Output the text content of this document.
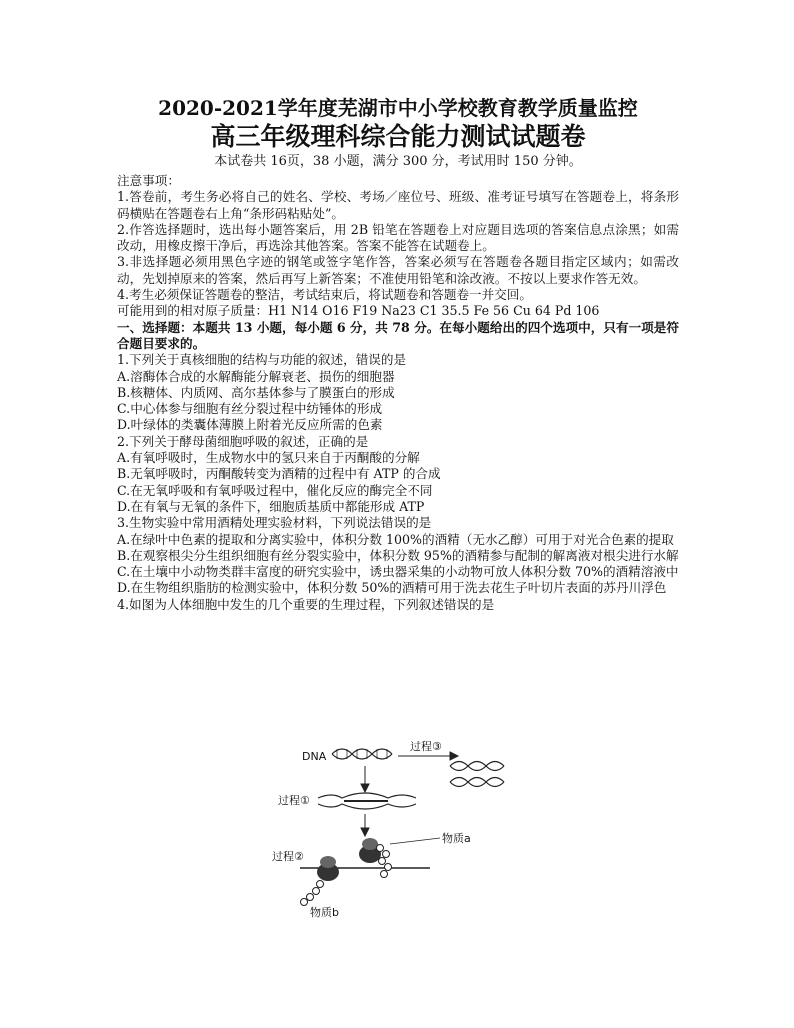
2020-2021学年度芜湖市中小学校教育教学质量监控

高三年级理科综合能力测试试题卷

本试卷共 16页，38 小题，满分 300 分，考试用时 150 分钟。

注意事项：

1.答卷前，考生务必将自己的姓名、学校、考场／座位号、班级、准考证号填写在答题卷上，将条形码横贴在答题卷右上角“条形码粘贴处”。

2.作答选择题时，选出每小题答案后，用 2B 铅笔在答题卷上对应题目选项的答案信息点涂黑；如需改动，用橡皮擦干净后，再选涂其他答案。答案不能答在试题卷上。

3.非选择题必须用黑色字迹的钢笔或签字笔作答，答案必须写在答题卷各题目指定区域内；如需改动，先划掉原来的答案，然后再写上新答案；不准使用铅笔和涂改液。不按以上要求作答无效。

4.考生必须保证答题卷的整洁，考试结束后，将试题卷和答题卷一并交回。

可能用到的相对原子质量：H1 N14 O16 F19 Na23 C1 35.5 Fe 56 Cu 64 Pd 106

一、选择题：本题共 13 小题，每小题 6 分，共 78 分。在每小题给出的四个选项中，只有一项是符合题目要求的。

1.下列关于真核细胞的结构与功能的叙述，错误的是

A.溶酶体合成的水解酶能分解衰老、损伤的细胞器

B.核糖体、内质网、高尔基体参与了膜蛋白的形成

C.中心体参与细胞有丝分裂过程中纺锤体的形成

D.叶绿体的类囊体薄膜上附着光反应所需的色素

2.下列关于酵母菌细胞呼吸的叙述，正确的是

A.有氧呼吸时，生成物水中的氢只来自于丙酮酸的分解

B.无氧呼吸时，丙酮酸转变为酒精的过程中有 ATP 的合成

C.在无氧呼吸和有氧呼吸过程中，催化反应的酶完全不同

D.在有氧与无氧的条件下，细胞质基质中都能形成 ATP

3.生物实验中常用酒精处理实验材料，下列说法错误的是

A.在绿叶中色素的提取和分离实验中，体积分数 100%的酒精（无水乙醇）可用于对光合色素的提取

B.在观察根尖分生组织细胞有丝分裂实验中，体积分数 95%的酒精参与配制的解离液对根尖进行水解

C.在土壤中小动物类群丰富度的研究实验中，诱虫器采集的小动物可放人体积分数 70%的酒精溶液中

D.在生物组织脂肪的检测实验中，体积分数 50%的酒精可用于洗去花生子叶切片表面的苏丹川浮色

4.如图为人体细胞中发生的几个重要的生理过程，下列叙述错误的是

DNA
过程③
过程①
物质a
过程②
物质b
